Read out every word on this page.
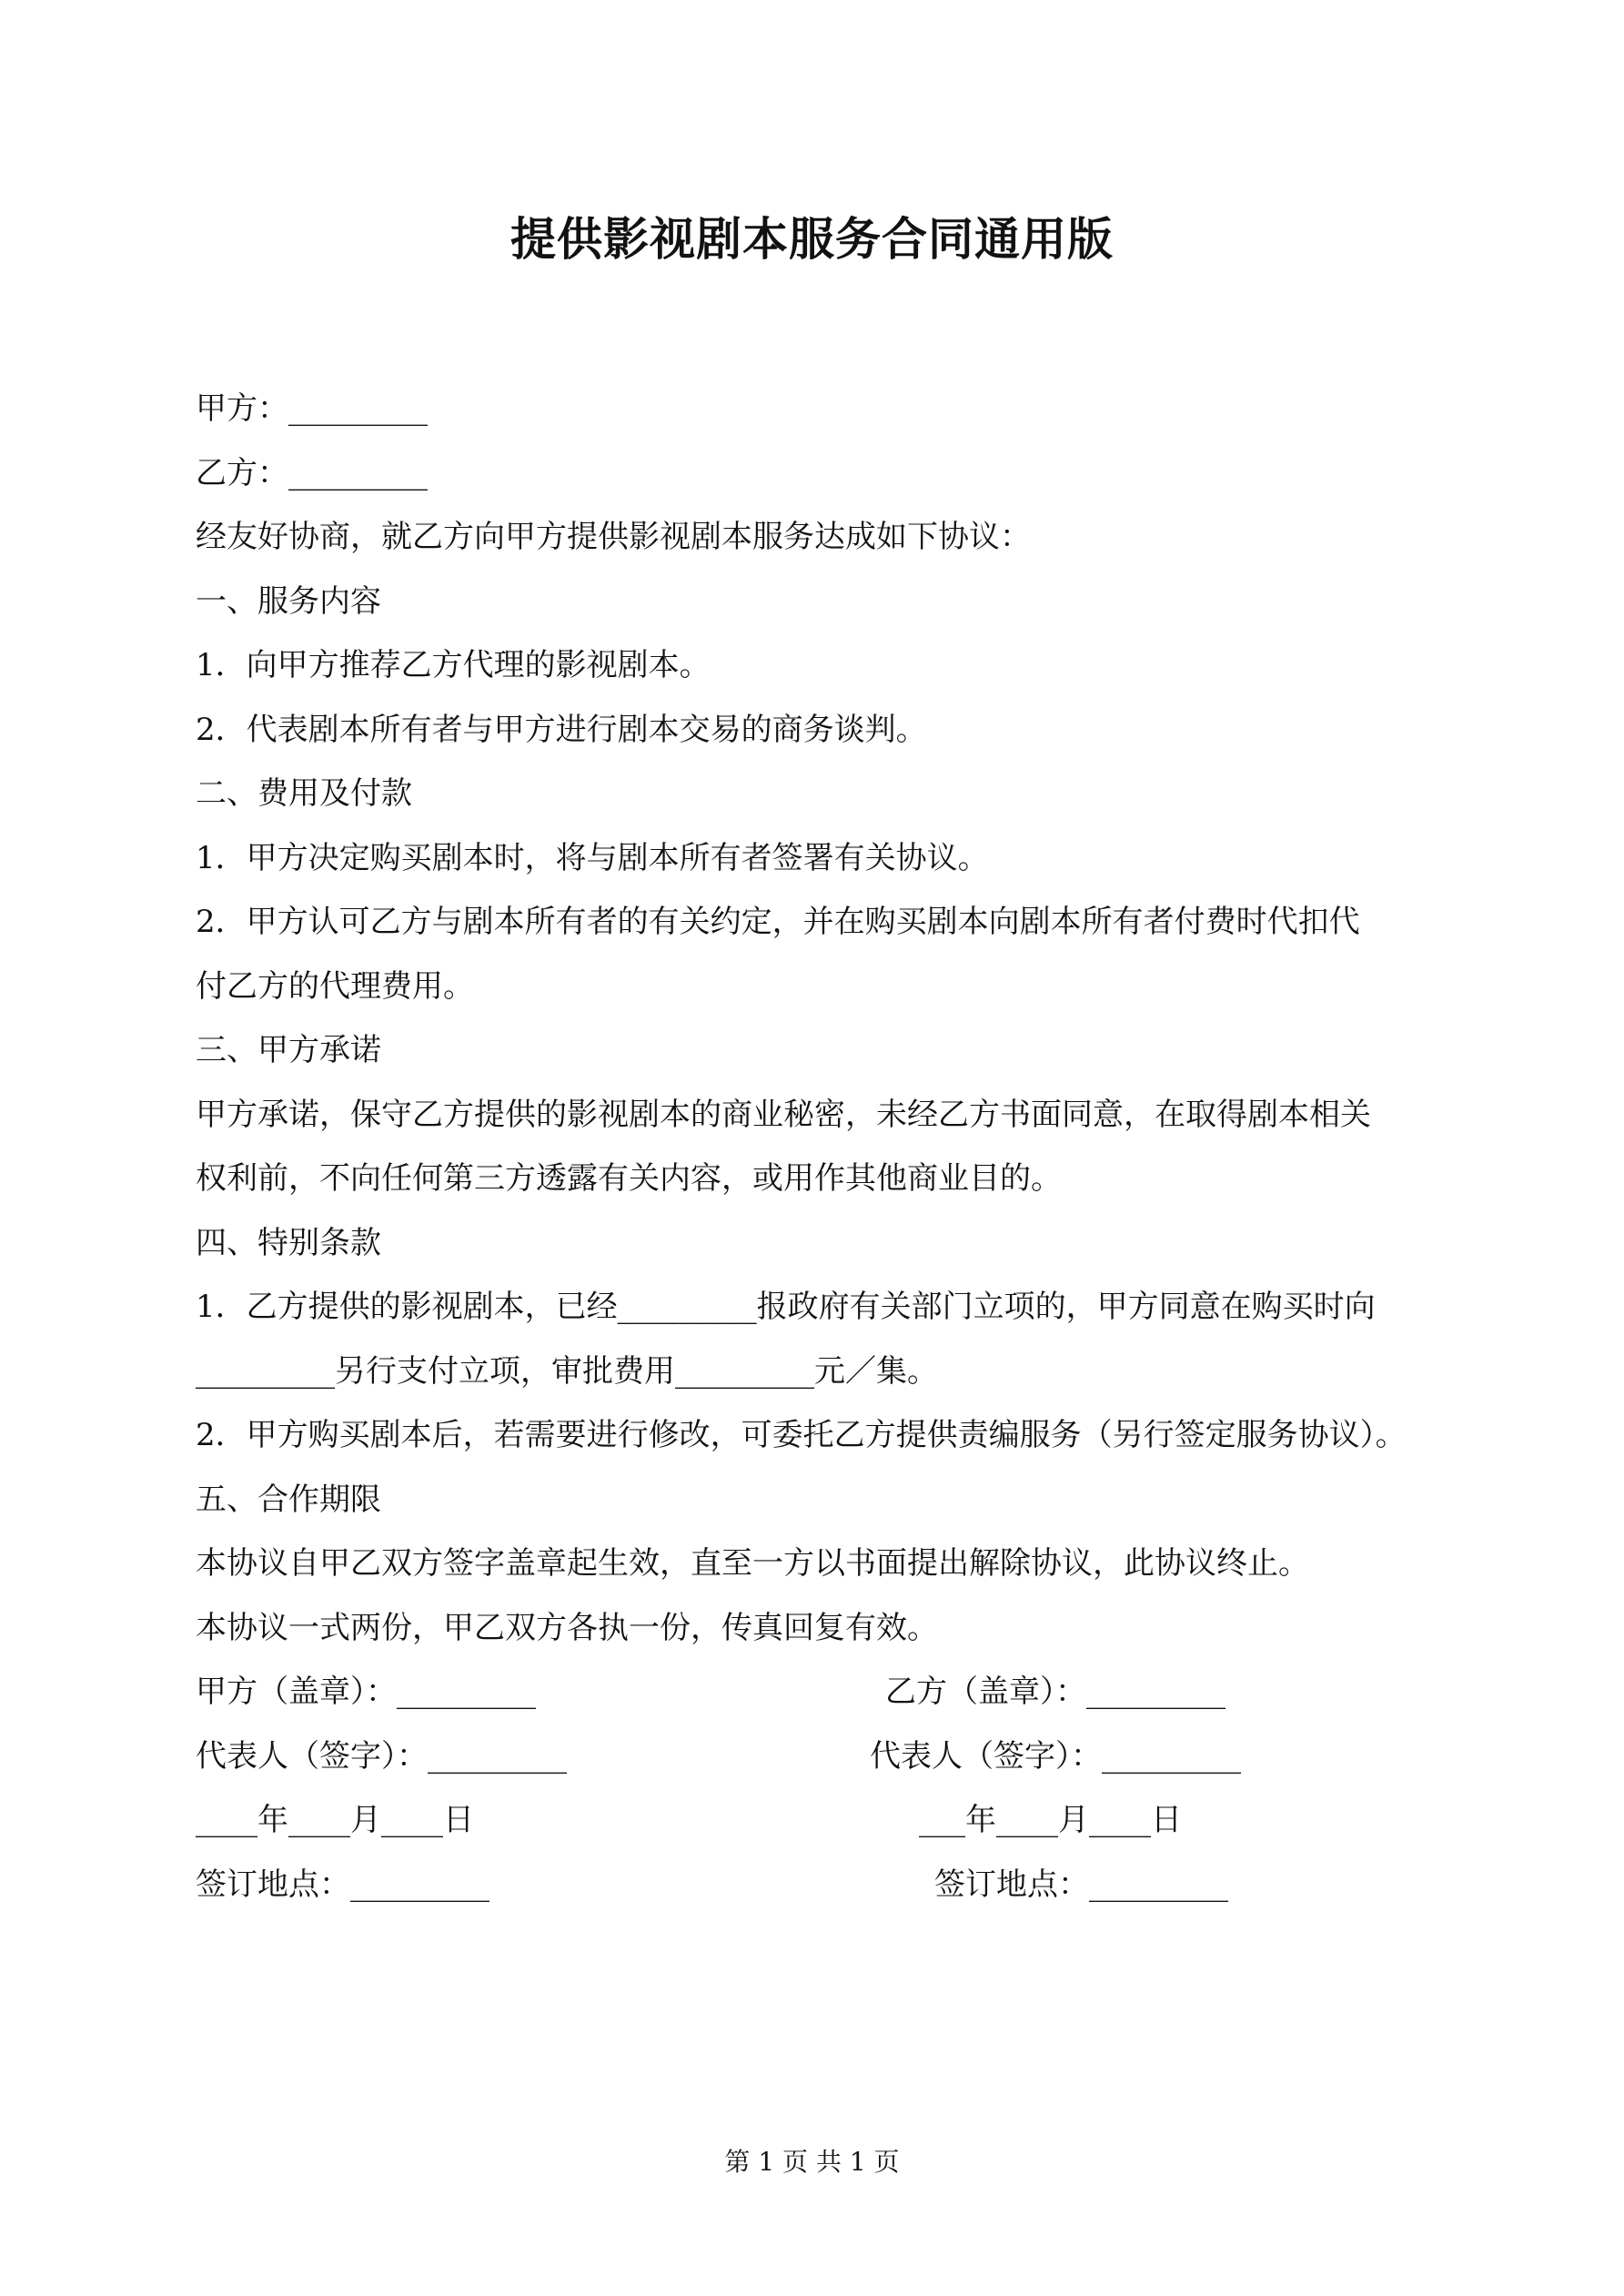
提供影视剧本服务合同通用版
甲方：_________
乙方：_________
经友好协商，就乙方向甲方提供影视剧本服务达成如下协议：
一、服务内容
1．向甲方推荐乙方代理的影视剧本。
2．代表剧本所有者与甲方进行剧本交易的商务谈判。
二、费用及付款
1．甲方决定购买剧本时，将与剧本所有者签署有关协议。
2．甲方认可乙方与剧本所有者的有关约定，并在购买剧本向剧本所有者付费时代扣代
付乙方的代理费用。
三、甲方承诺
甲方承诺，保守乙方提供的影视剧本的商业秘密，未经乙方书面同意，在取得剧本相关
权利前，不向任何第三方透露有关内容，或用作其他商业目的。
四、特别条款
1．乙方提供的影视剧本，已经_________报政府有关部门立项的，甲方同意在购买时向
_________另行支付立项，审批费用_________元／集。
2．甲方购买剧本后，若需要进行修改，可委托乙方提供责编服务（另行签定服务协议）。
五、合作期限
本协议自甲乙双方签字盖章起生效，直至一方以书面提出解除协议，此协议终止。
本协议一式两份，甲乙双方各执一份，传真回复有效。
甲方（盖章）：_________	乙方（盖章）：_________
代表人（签字）：_________	代表人（签字）：_________
____年____月____日	___年____月____日
签订地点：_________	签订地点：_________
第 1 页 共 1 页
